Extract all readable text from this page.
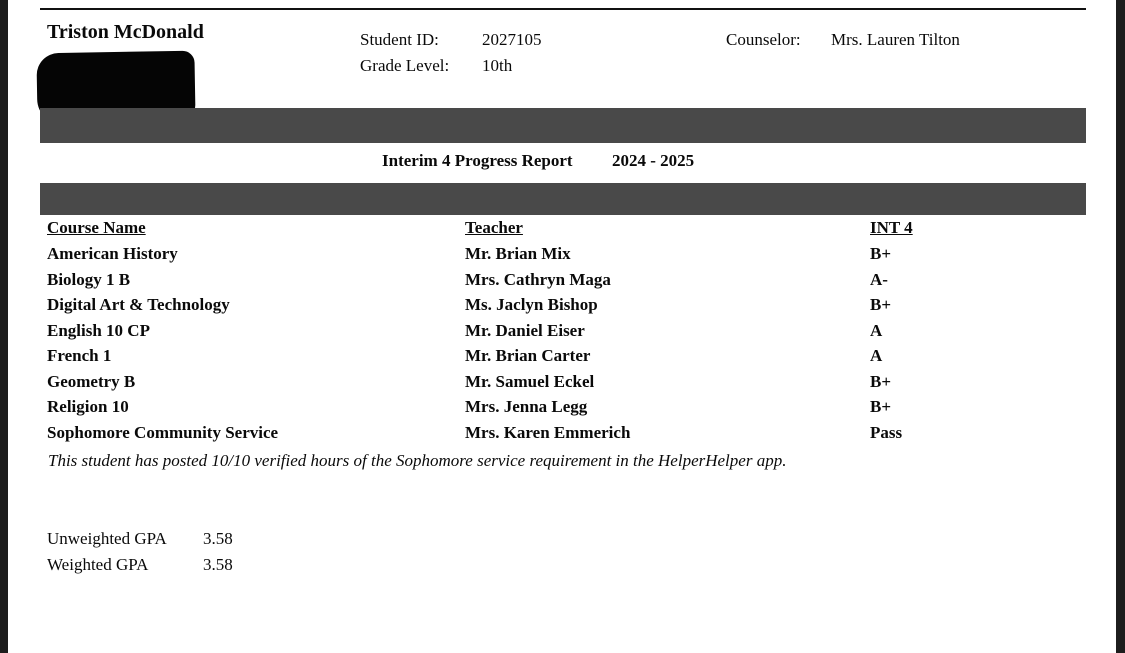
Triston McDonald	Student ID:	2027105
Grade Level: 10th
Counselor: Mrs. Lauren Tilton
Interim 4 Progress Report 2024 - 2025
Course Name	Teacher	INT 4
American History	Mr. Brian Mix	B+
Biology 1 B	Mrs. Cathryn Maga	A-
Digital Art & Technology	Ms. Jaclyn Bishop	B+
English 10 CP	Mr. Daniel Eiser	A
French 1	Mr. Brian Carter	A
Geometry B	Mr. Samuel Eckel	B+
Religion 10	Mrs. Jenna Legg	B+
Sophomore Community Service	Mrs. Karen Emmerich	Pass
This student has posted 10/10 verified hours of the Sophomore service requirement in the HelperHelper app.
Unweighted GPA 3.58
Weighted GPA	3.58
